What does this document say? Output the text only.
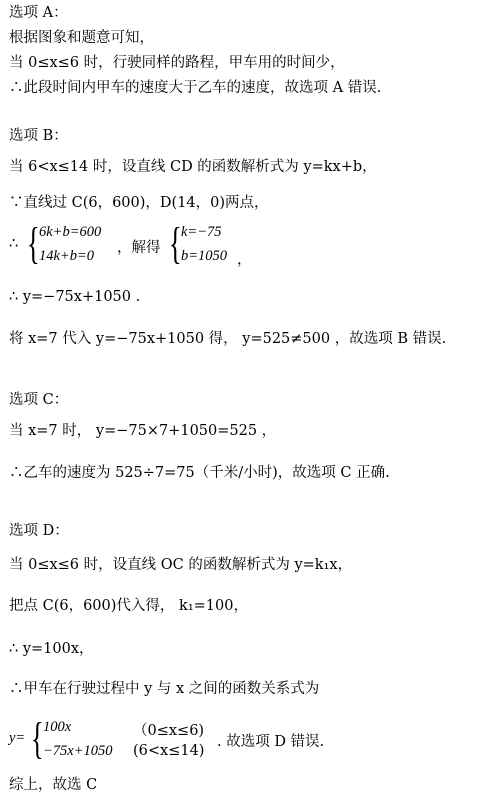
选项 A：
根据图象和题意可知，
当 0≤x≤6 时，行驶同样的路程，甲车用的时间少，
∴此段时间内甲车的速度大于乙车的速度，故选项 A 错误.
选项 B：
当 6<x≤14 时，设直线 CD 的函数解析式为 y=kx+b，
∵直线过 C(6，600)，D(14，0)两点，
∴ { 6k+b=600
14k+b=0 ，解得 { k=−75
b=1050 ，
∴ y=−75x+1050 .
将 x=7 代入 y=−75x+1050 得， y=525≠500 ，故选项 B 错误.
选项 C：
当 x=7 时， y=−75×7+1050=525 ，
∴乙车的速度为 525÷7=75（千米/小时)，故选项 C 正确.
选项 D：
当 0≤x≤6 时，设直线 OC 的函数解析式为 y=k₁x，
把点 C(6，600)代入得， k₁=100，
∴ y=100x，
∴甲车在行驶过程中 y 与 x 之间的函数关系式为
y= { 100x	（0≤x≤6)
−75x+1050 (6<x≤14)
. 故选项 D 错误.
综上，故选 C
